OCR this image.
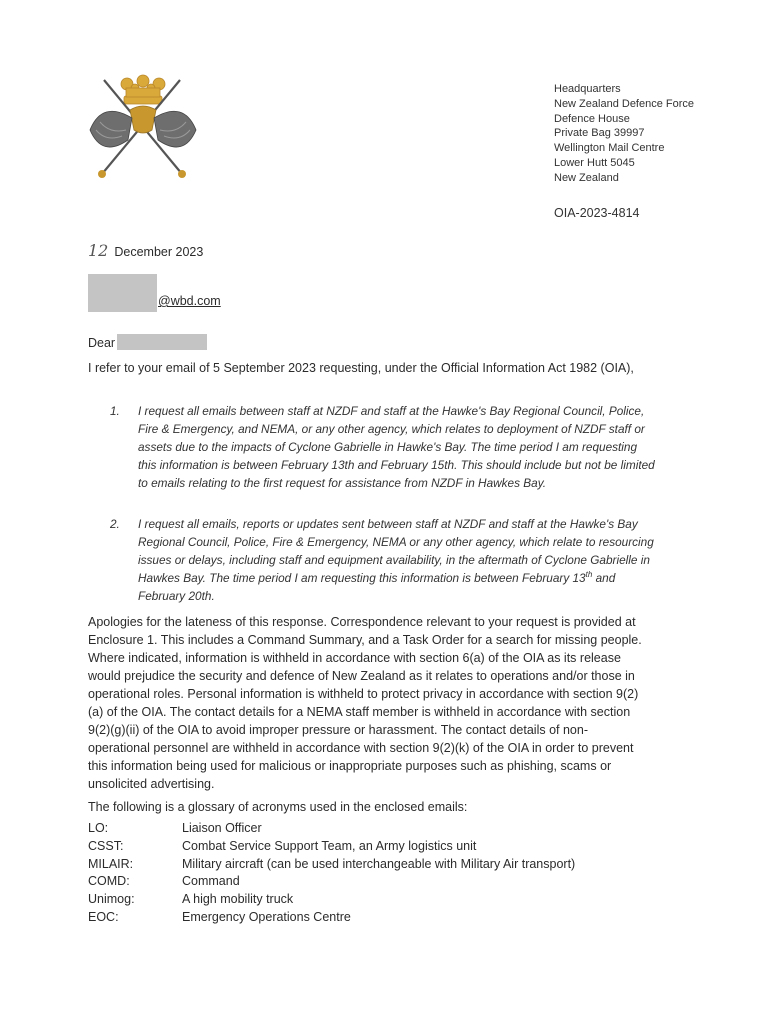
Headquarters
New Zealand Defence Force
Defence House
Private Bag 39997
Wellington Mail Centre
Lower Hutt 5045
New Zealand
OIA-2023-4814
12 December 2023
@wbd.com
Dear
I refer to your email of 5 September 2023 requesting, under the Official Information Act 1982 (OIA),
1. I request all emails between staff at NZDF and staff at the Hawke's Bay Regional Council, Police, Fire & Emergency, and NEMA, or any other agency, which relates to deployment of NZDF staff or assets due to the impacts of Cyclone Gabrielle in Hawke's Bay. The time period I am requesting this information is between February 13th and February 15th. This should include but not be limited to emails relating to the first request for assistance from NZDF in Hawkes Bay.
2. I request all emails, reports or updates sent between staff at NZDF and staff at the Hawke's Bay Regional Council, Police, Fire & Emergency, NEMA or any other agency, which relate to resourcing issues or delays, including staff and equipment availability, in the aftermath of Cyclone Gabrielle in Hawkes Bay. The time period I am requesting this information is between February 13th and February 20th.
Apologies for the lateness of this response. Correspondence relevant to your request is provided at Enclosure 1. This includes a Command Summary, and a Task Order for a search for missing people. Where indicated, information is withheld in accordance with section 6(a) of the OIA as its release would prejudice the security and defence of New Zealand as it relates to operations and/or those in operational roles. Personal information is withheld to protect privacy in accordance with section 9(2)(a) of the OIA. The contact details for a NEMA staff member is withheld in accordance with section 9(2)(g)(ii) of the OIA to avoid improper pressure or harassment. The contact details of non-operational personnel are withheld in accordance with section 9(2)(k) of the OIA in order to prevent this information being used for malicious or inappropriate purposes such as phishing, scams or unsolicited advertising.
The following is a glossary of acronyms used in the enclosed emails:
LO:	Liaison Officer
CSST:	Combat Service Support Team, an Army logistics unit
MILAIR:	Military aircraft (can be used interchangeable with Military Air transport)
COMD:	Command
Unimog:	A high mobility truck
EOC:	Emergency Operations Centre
